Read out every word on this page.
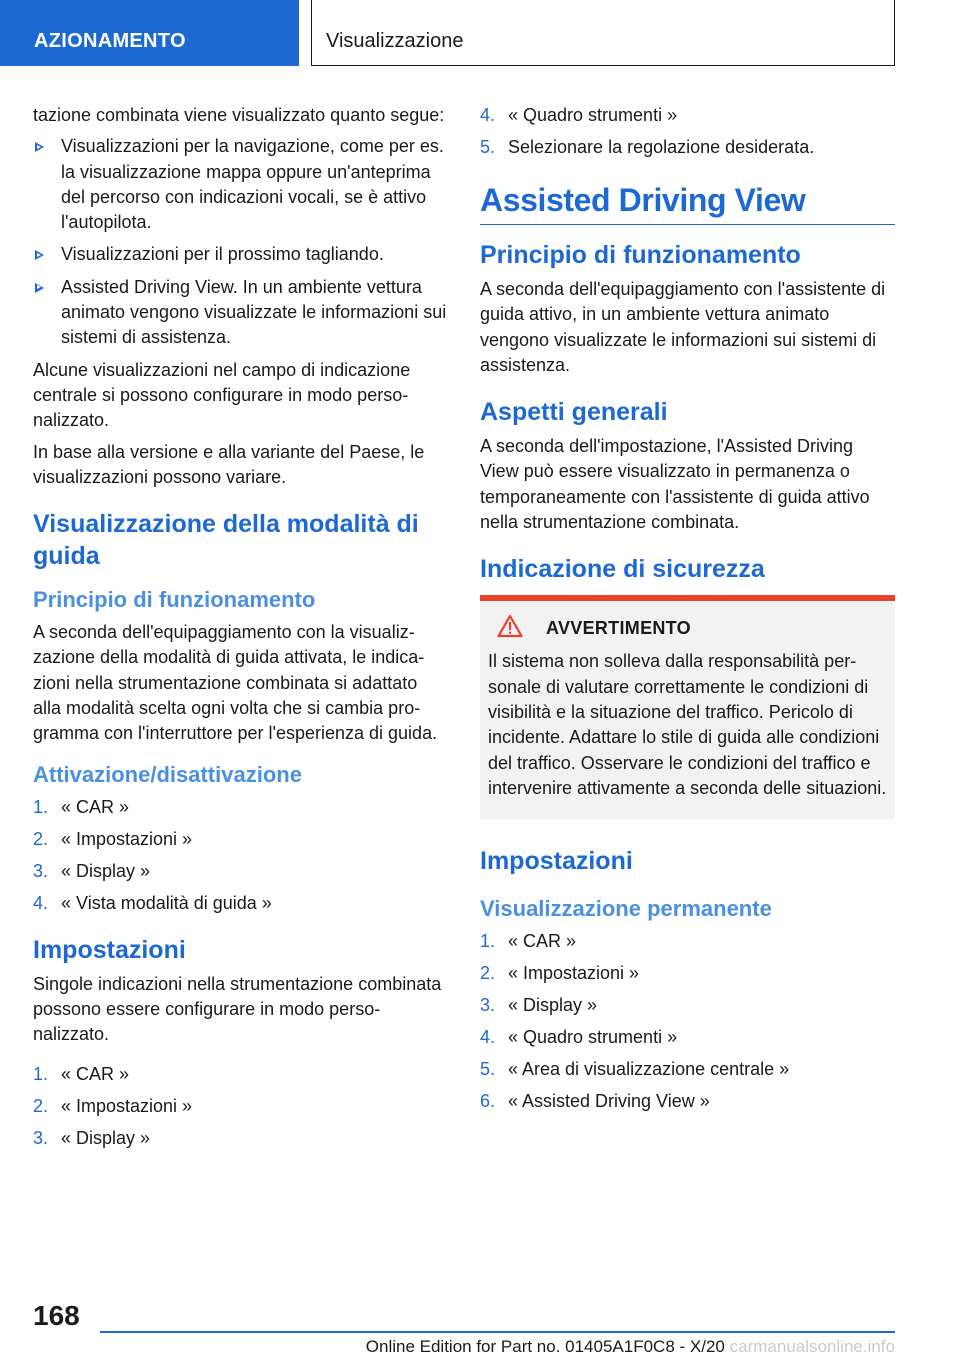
AZIONAMENTO	Visualizzazione

tazione combinata viene visualizzato quanto segue:

Visualizzazioni per la navigazione, come per es. la visualizzazione mappa oppure un'anteprima del percorso con indicazioni vocali, se è attivo l'autopilota.
Visualizzazioni per il prossimo tagliando.
Assisted Driving View. In un ambiente vettura animato vengono visualizzate le informazioni sui sistemi di assistenza.

Alcune visualizzazioni nel campo di indicazione centrale si possono configurare in modo personalizzato.

In base alla versione e alla variante del Paese, le visualizzazioni possono variare.

Visualizzazione della modalità di guida
Principio di funzionamento

A seconda dell'equipaggiamento con la visualizzazione della modalità di guida attivata, le indicazioni nella strumentazione combinata si adattato alla modalità scelta ogni volta che si cambia programma con l'interruttore per l'esperienza di guida.

Attivazione/disattivazione
1. « CAR »
2. « Impostazioni »
3. « Display »
4. « Vista modalità di guida »
Impostazioni

Singole indicazioni nella strumentazione combinata possono essere configurare in modo personalizzato.

1. « CAR »
2. « Impostazioni »
3. « Display »
4. « Quadro strumenti »
5. Selezionare la regolazione desiderata.
Assisted Driving View
Principio di funzionamento

A seconda dell'equipaggiamento con l'assistente di guida attivo, in un ambiente vettura animato vengono visualizzate le informazioni sui sistemi di assistenza.

Aspetti generali

A seconda dell'impostazione, l'Assisted Driving View può essere visualizzato in permanenza o temporaneamente con l'assistente di guida attivo nella strumentazione combinata.

Indicazione di sicurezza
AVVERTIMENTO

Il sistema non solleva dalla responsabilità personale di valutare correttamente le condizioni di visibilità e la situazione del traffico. Pericolo di incidente. Adattare lo stile di guida alle condizioni del traffico. Osservare le condizioni del traffico e intervenire attivamente a seconda delle situazioni.

Impostazioni
Visualizzazione permanente
1. « CAR »
2. « Impostazioni »
3. « Display »
4. « Quadro strumenti »
5. « Area di visualizzazione centrale »
6. « Assisted Driving View »
168
Online Edition for Part no. 01405A1F0C8 - X/20 carmanualsonline.info
